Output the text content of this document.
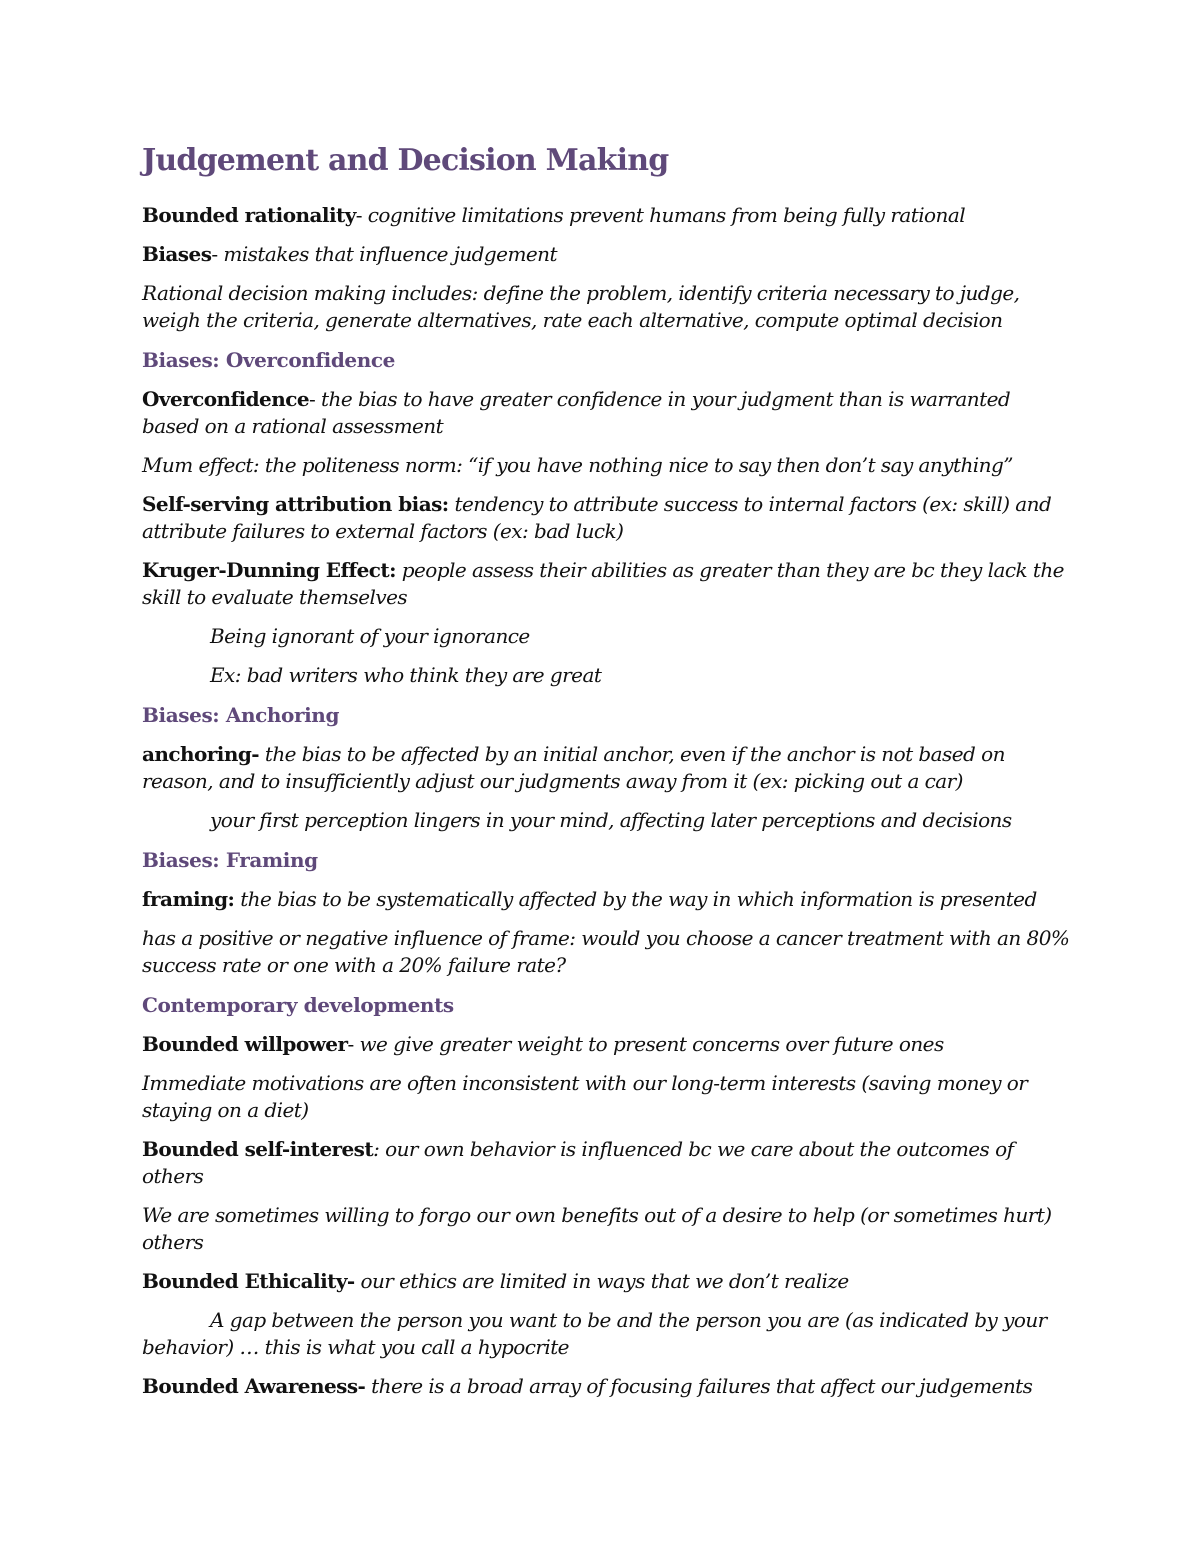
Judgement and Decision Making

Bounded rationality- cognitive limitations prevent humans from being fully rational

Biases- mistakes that influence judgement

Rational decision making includes: define the problem, identify criteria necessary to judge, weigh the criteria, generate alternatives, rate each alternative, compute optimal decision

Biases: Overconfidence

Overconfidence- the bias to have greater confidence in your judgment than is warranted based on a rational assessment

Mum effect: the politeness norm: “if you have nothing nice to say then don’t say anything”

Self-serving attribution bias: tendency to attribute success to internal factors (ex: skill) and attribute failures to external factors (ex: bad luck)

Kruger-Dunning Effect: people assess their abilities as greater than they are bc they lack the skill to evaluate themselves

Being ignorant of your ignorance

Ex: bad writers who think they are great

Biases: Anchoring

anchoring- the bias to be affected by an initial anchor, even if the anchor is not based on reason, and to insufficiently adjust our judgments away from it (ex: picking out a car)

your first perception lingers in your mind, affecting later perceptions and decisions

Biases: Framing

framing: the bias to be systematically affected by the way in which information is presented

has a positive or negative influence of frame: would you choose a cancer treatment with an 80% success rate or one with a 20% failure rate?

Contemporary developments

Bounded willpower- we give greater weight to present concerns over future ones

Immediate motivations are often inconsistent with our long-term interests (saving money or staying on a diet)

Bounded self-interest: our own behavior is influenced bc we care about the outcomes of others

We are sometimes willing to forgo our own benefits out of a desire to help (or sometimes hurt) others

Bounded Ethicality- our ethics are limited in ways that we don’t realize

A gap between the person you want to be and the person you are (as indicated by your behavior) … this is what you call a hypocrite

Bounded Awareness- there is a broad array of focusing failures that affect our judgements
